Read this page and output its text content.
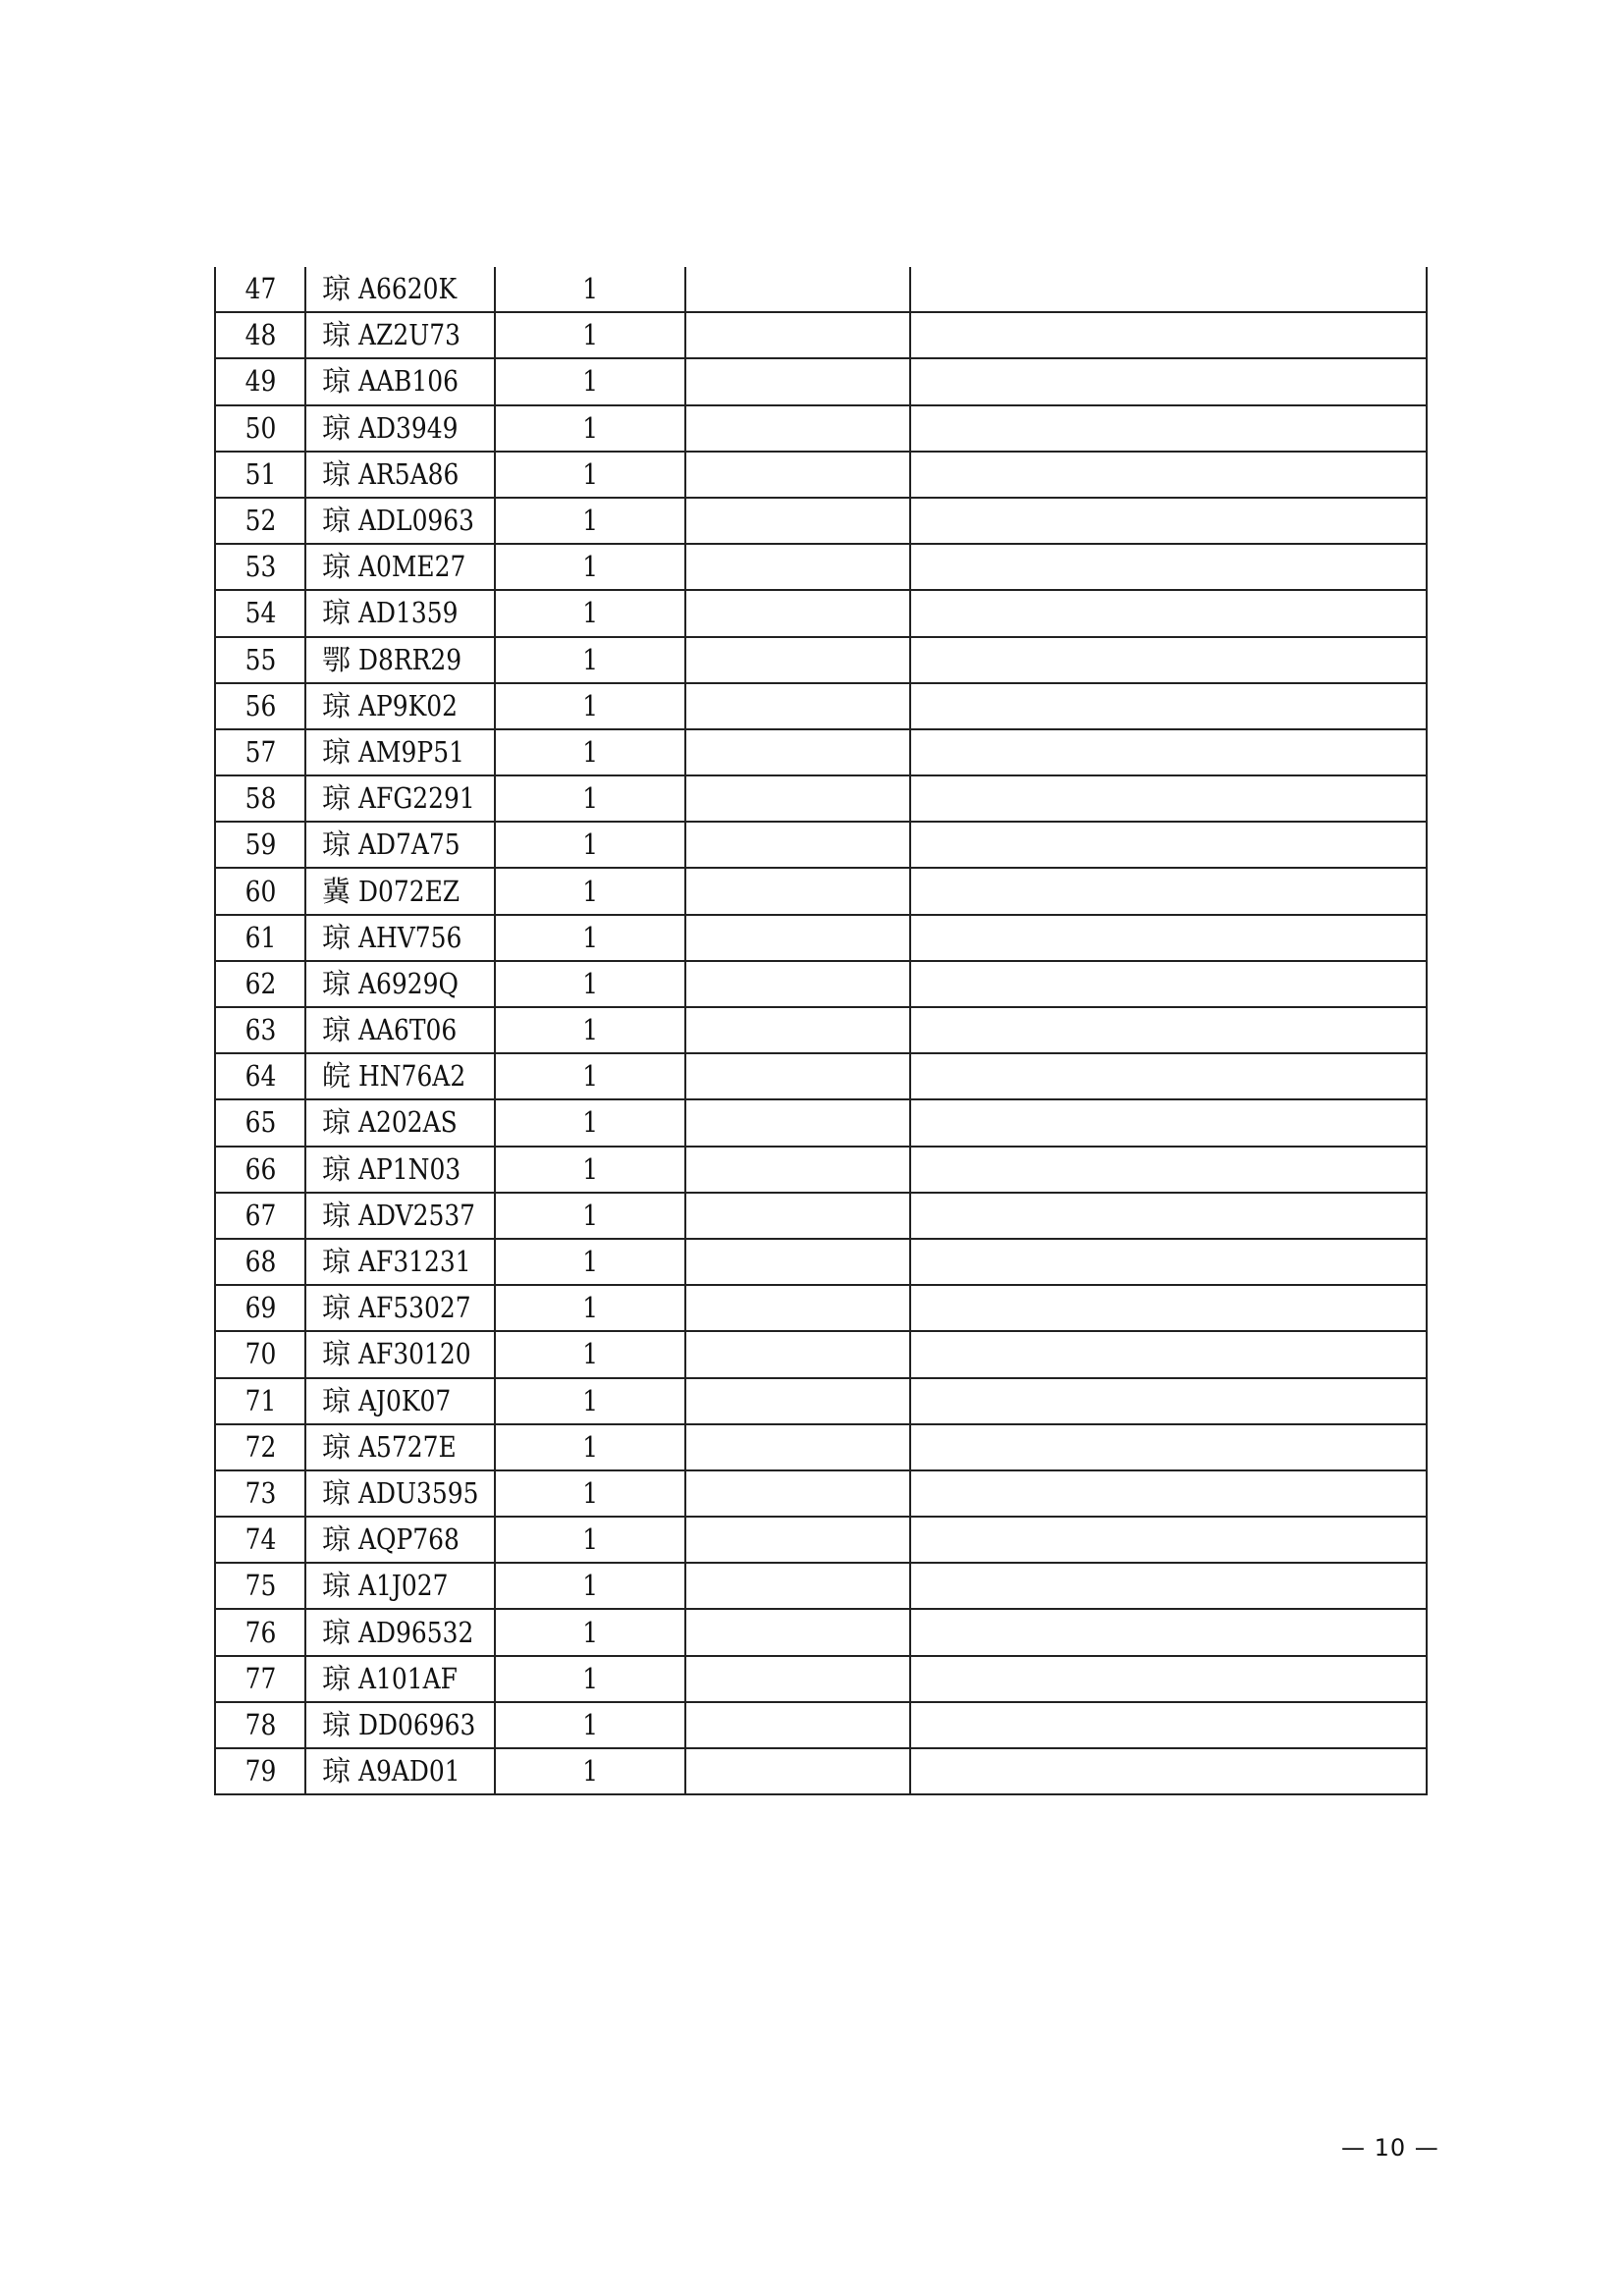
47	琼 A6620K	1		
48	琼 AZ2U73	1		
49	琼 AAB106	1		
50	琼 AD3949	1		
51	琼 AR5A86	1		
52	琼 ADL0963	1		
53	琼 A0ME27	1		
54	琼 AD1359	1		
55	鄂 D8RR29	1		
56	琼 AP9K02	1		
57	琼 AM9P51	1		
58	琼 AFG2291	1		
59	琼 AD7A75	1		
60	冀 D072EZ	1		
61	琼 AHV756	1		
62	琼 A6929Q	1		
63	琼 AA6T06	1		
64	皖 HN76A2	1		
65	琼 A202AS	1		
66	琼 AP1N03	1		
67	琼 ADV2537	1		
68	琼 AF31231	1		
69	琼 AF53027	1		
70	琼 AF30120	1		
71	琼 AJ0K07	1		
72	琼 A5727E	1		
73	琼 ADU3595	1		
74	琼 AQP768	1		
75	琼 A1J027	1		
76	琼 AD96532	1		
77	琼 A101AF	1		
78	琼 DD06963	1		
79	琼 A9AD01	1		
— 10 —
